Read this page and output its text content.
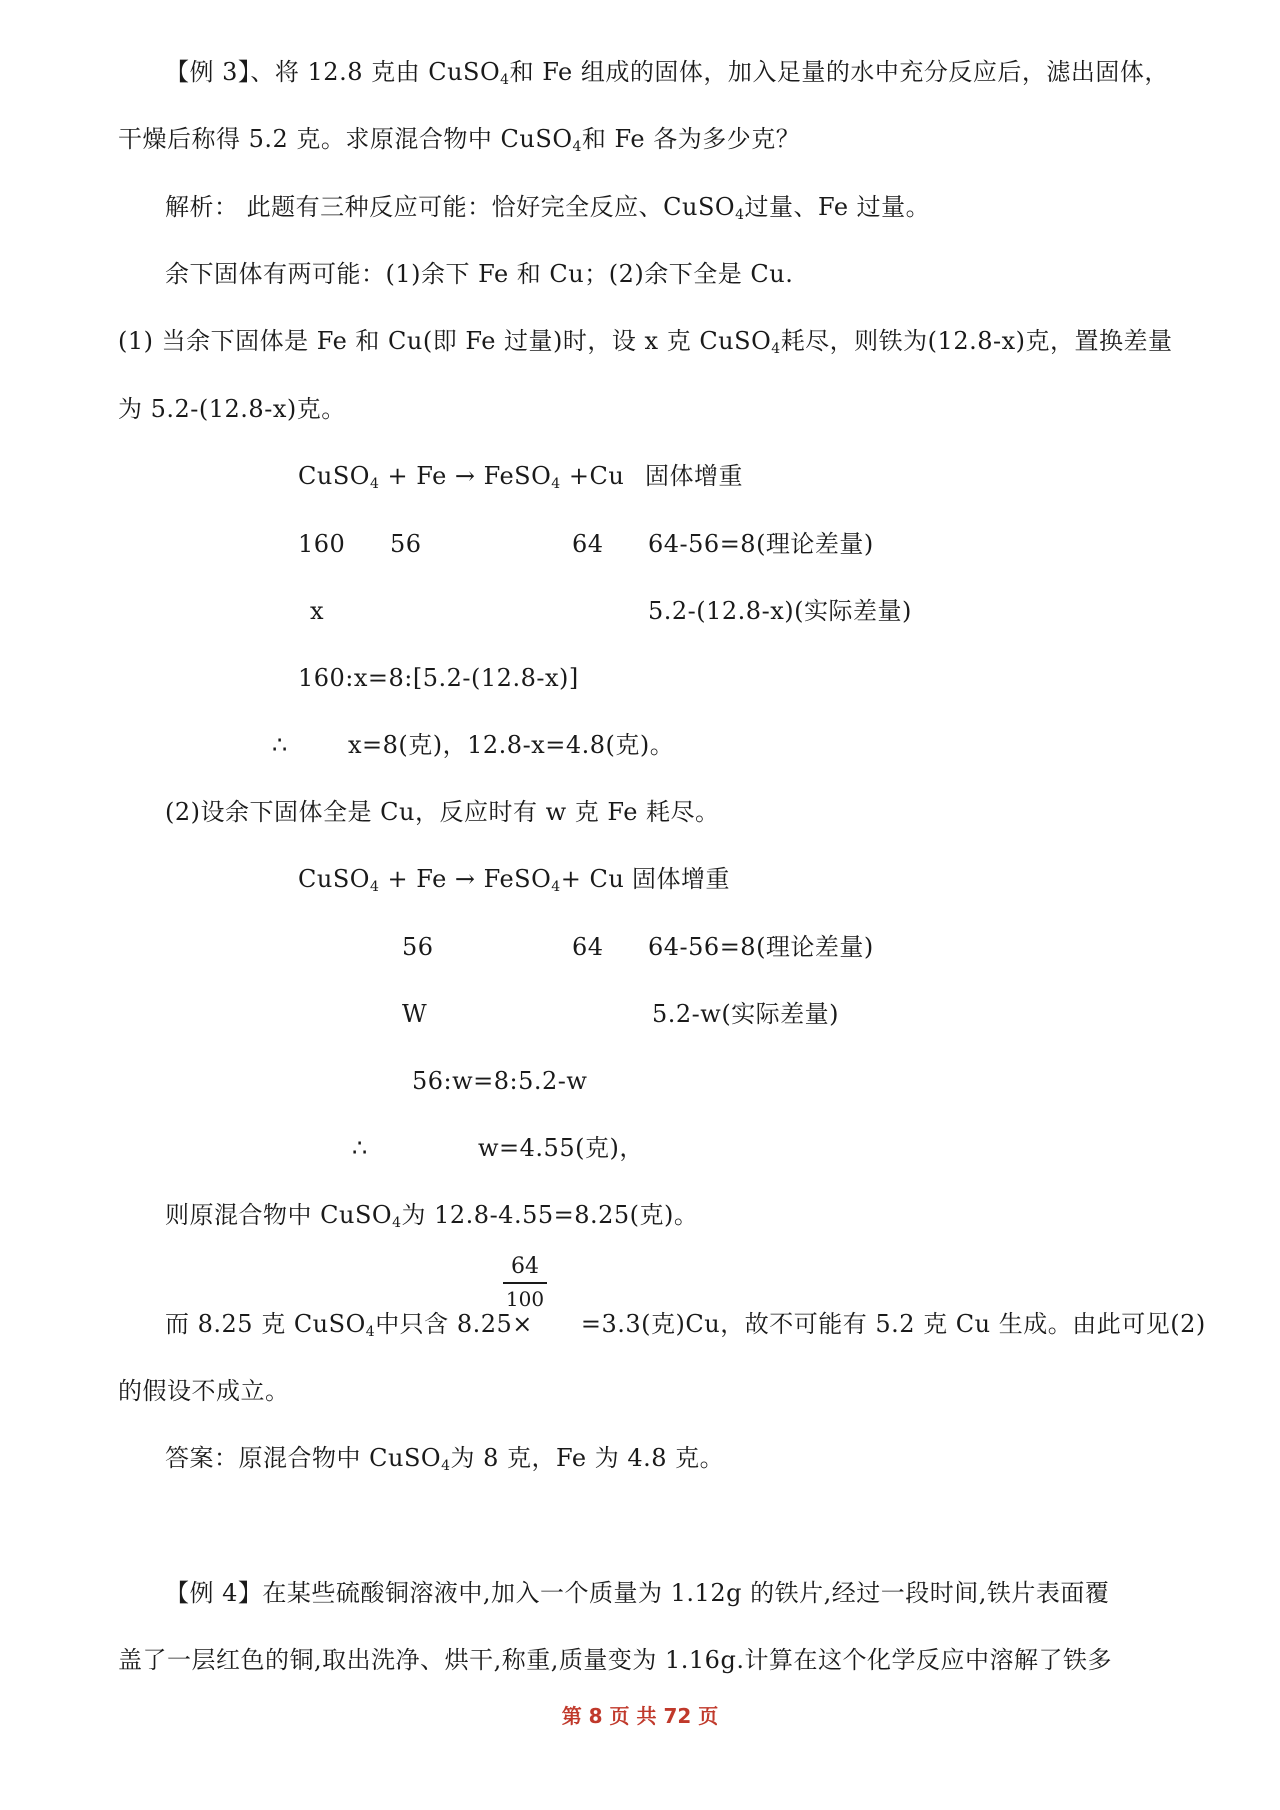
【例 3】、将 12.8 克由 CuSO$_4$和 Fe 组成的固体，加入足量的水中充分反应后，滤出固体，
干燥后称得 5.2 克。求原混合物中 CuSO$_4$和 Fe 各为多少克？
解析： 此题有三种反应可能：恰好完全反应、CuSO$_4$过量、Fe 过量。
余下固体有两可能：(1)余下 Fe 和 Cu；(2)余下全是 Cu.
(1) 当余下固体是 Fe 和 Cu(即 Fe 过量)时，设 x 克 CuSO$_4$耗尽，则铁为(12.8-x)克，置换差量
为 5.2-(12.8-x)克。
CuSO$_4$ + Fe → FeSO$_4$ +Cu 固体增重
160 56	64 64-56=8(理论差量)
x	5.2-(12.8-x)(实际差量)
160:x=8:[5.2-(12.8-x)]
∴	x=8(克)，12.8-x=4.8(克)。
(2)设余下固体全是 Cu，反应时有 w 克 Fe 耗尽。
CuSO$_4$ + Fe → FeSO$_4$+ Cu 固体增重
56	64 64-56=8(理论差量)
W	5.2-w(实际差量)
56:w=8:5.2-w
∴	w=4.55(克)，
则原混合物中 CuSO$_4$为 12.8-4.55=8.25(克)。
$\frac{64}{100}$
而 8.25 克 CuSO$_4$中只含 8.25× =3.3(克)Cu，故不可能有 5.2 克 Cu 生成。由此可见(2)
的假设不成立。
答案：原混合物中 CuSO$_4$为 8 克，Fe 为 4.8 克。
【例 4】在某些硫酸铜溶液中,加入一个质量为 1.12g 的铁片,经过一段时间,铁片表面覆
盖了一层红色的铜,取出洗净、烘干,称重,质量变为 1.16g.计算在这个化学反应中溶解了铁多
第 8 页 共 72 页
